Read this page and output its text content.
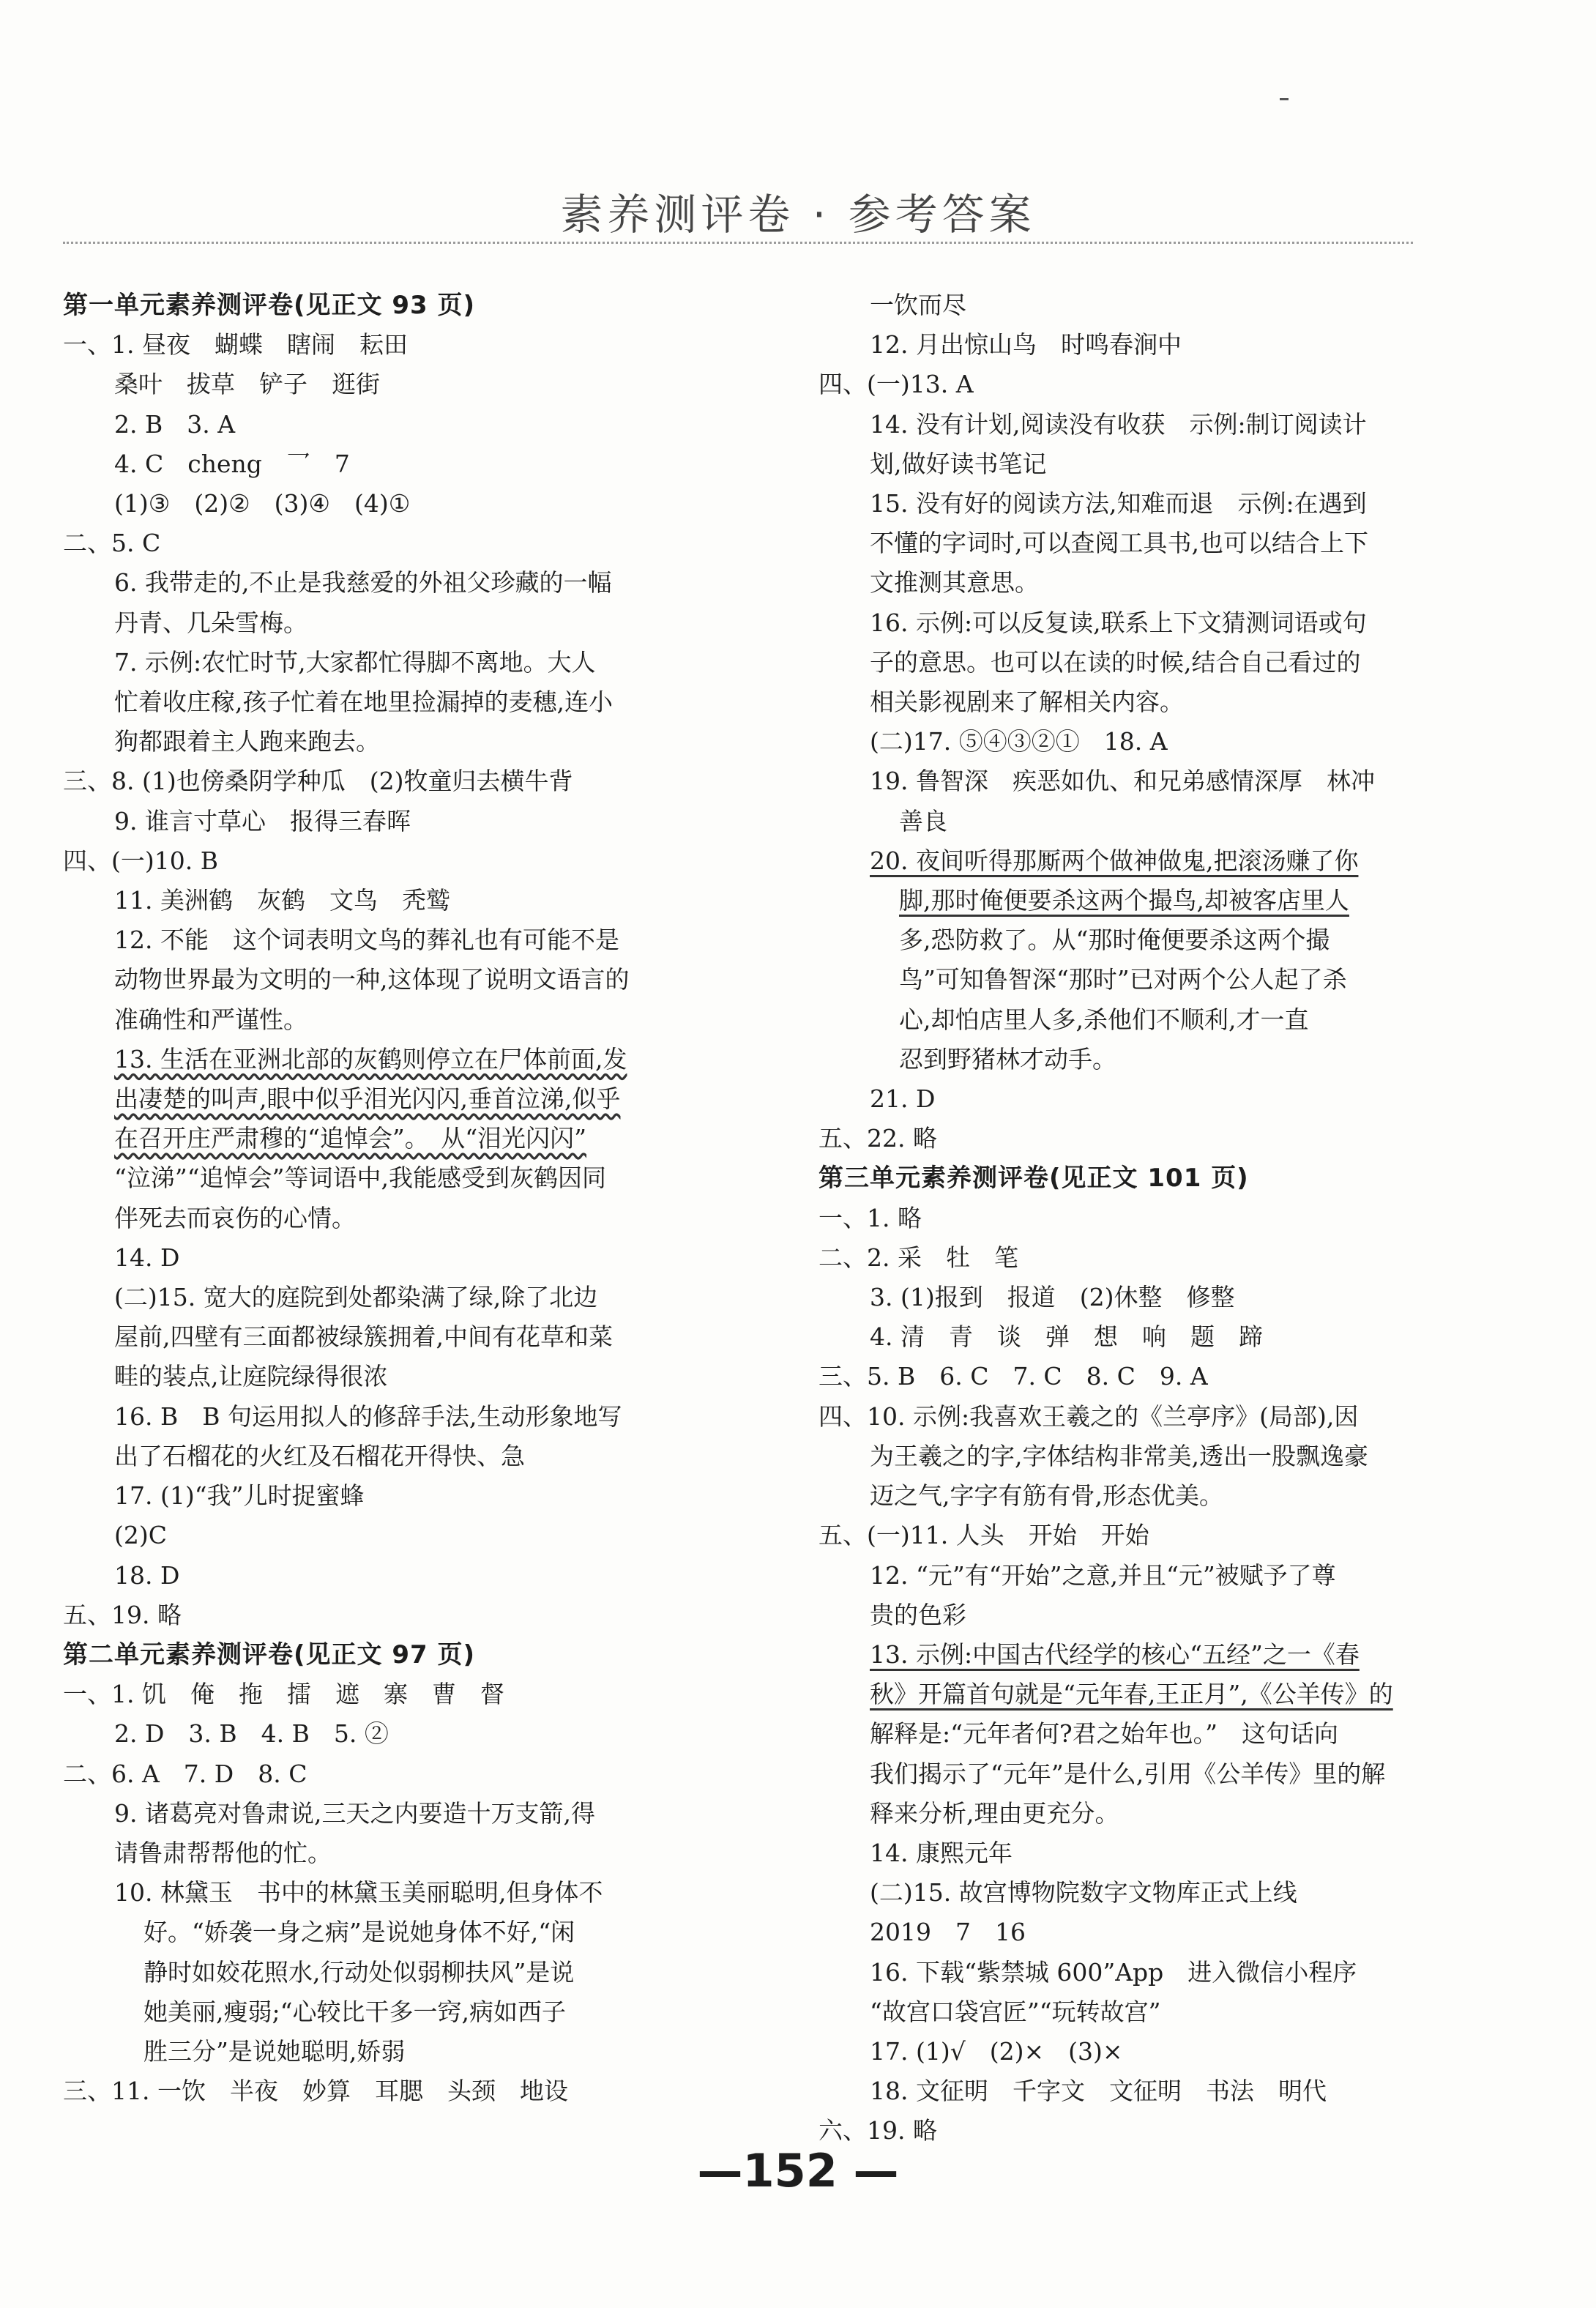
素养测评卷 · 参考答案
第一单元素养测评卷(见正文 93 页)
一、1. 昼夜　蝴蝶　瞎闹　耘田
桑叶　拔草　铲子　逛街
2. B　3. A
4. C　cheng　乛　7
(1)③　(2)②　(3)④　(4)①
二、5. C
6. 我带走的,不止是我慈爱的外祖父珍藏的一幅
丹青、几朵雪梅。
7. 示例:农忙时节,大家都忙得脚不离地。大人
忙着收庄稼,孩子忙着在地里捡漏掉的麦穗,连小
狗都跟着主人跑来跑去。
三、8. (1)也傍桑阴学种瓜　(2)牧童归去横牛背
9. 谁言寸草心　报得三春晖
四、(一)10. B
11. 美洲鹤　灰鹤　文鸟　秃鹫
12. 不能　这个词表明文鸟的葬礼也有可能不是
动物世界最为文明的一种,这体现了说明文语言的
准确性和严谨性。
13. 生活在亚洲北部的灰鹤则停立在尸体前面,发
出凄楚的叫声,眼中似乎泪光闪闪,垂首泣涕,似乎
在召开庄严肃穆的“追悼会”。　从“泪光闪闪”
“泣涕”“追悼会”等词语中,我能感受到灰鹤因同
伴死去而哀伤的心情。
14. D
(二)15. 宽大的庭院到处都染满了绿,除了北边
屋前,四壁有三面都被绿簇拥着,中间有花草和菜
畦的装点,让庭院绿得很浓
16. B　B 句运用拟人的修辞手法,生动形象地写
出了石榴花的火红及石榴花开得快、急
17. (1)“我”儿时捉蜜蜂
(2)C
18. D
五、19. 略
第二单元素养测评卷(见正文 97 页)
一、1. 饥　俺　拖　擂　遮　寨　曹　督
2. D　3. B　4. B　5. ②
二、6. A　7. D　8. C
9. 诸葛亮对鲁肃说,三天之内要造十万支箭,得
请鲁肃帮帮他的忙。
10. 林黛玉　书中的林黛玉美丽聪明,但身体不
好。“娇袭一身之病”是说她身体不好,“闲
静时如姣花照水,行动处似弱柳扶风”是说
她美丽,瘦弱;“心较比干多一窍,病如西子
胜三分”是说她聪明,娇弱
三、11. 一饮　半夜　妙算　耳腮　头颈　地设
一饮而尽
12. 月出惊山鸟　时鸣春涧中
四、(一)13. A
14. 没有计划,阅读没有收获　示例:制订阅读计
划,做好读书笔记
15. 没有好的阅读方法,知难而退　示例:在遇到
不懂的字词时,可以查阅工具书,也可以结合上下
文推测其意思。
16. 示例:可以反复读,联系上下文猜测词语或句
子的意思。也可以在读的时候,结合自己看过的
相关影视剧来了解相关内容。
(二)17. ⑤④③②①　18. A
19. 鲁智深　疾恶如仇、和兄弟感情深厚　林冲
善良
20. 夜间听得那厮两个做神做鬼,把滚汤赚了你
脚,那时俺便要杀这两个撮鸟,却被客店里人
多,恐防救了。从“那时俺便要杀这两个撮
鸟”可知鲁智深“那时”已对两个公人起了杀
心,却怕店里人多,杀他们不顺利,才一直
忍到野猪林才动手。
21. D
五、22. 略
第三单元素养测评卷(见正文 101 页)
一、1. 略
二、2. 采　牡　笔
3. (1)报到　报道　(2)休整　修整
4. 清　青　谈　弹　想　响　题　蹄
三、5. B　6. C　7. C　8. C　9. A
四、10. 示例:我喜欢王羲之的《兰亭序》(局部),因
为王羲之的字,字体结构非常美,透出一股飘逸豪
迈之气,字字有筋有骨,形态优美。
五、(一)11. 人头　开始　开始
12. “元”有“开始”之意,并且“元”被赋予了尊
贵的色彩
13. 示例:中国古代经学的核心“五经”之一《春
秋》开篇首句就是“元年春,王正月”,《公羊传》的
解释是:“元年者何?君之始年也。”　这句话向
我们揭示了“元年”是什么,引用《公羊传》里的解
释来分析,理由更充分。
14. 康熙元年
(二)15. 故宫博物院数字文物库正式上线
2019　7　16
16. 下载“紫禁城 600”App　进入微信小程序
“故宫口袋宫匠”“玩转故宫”
17. (1)√　(2)×　(3)×
18. 文征明　千字文　文征明　书法　明代
六、19. 略
—152 —
